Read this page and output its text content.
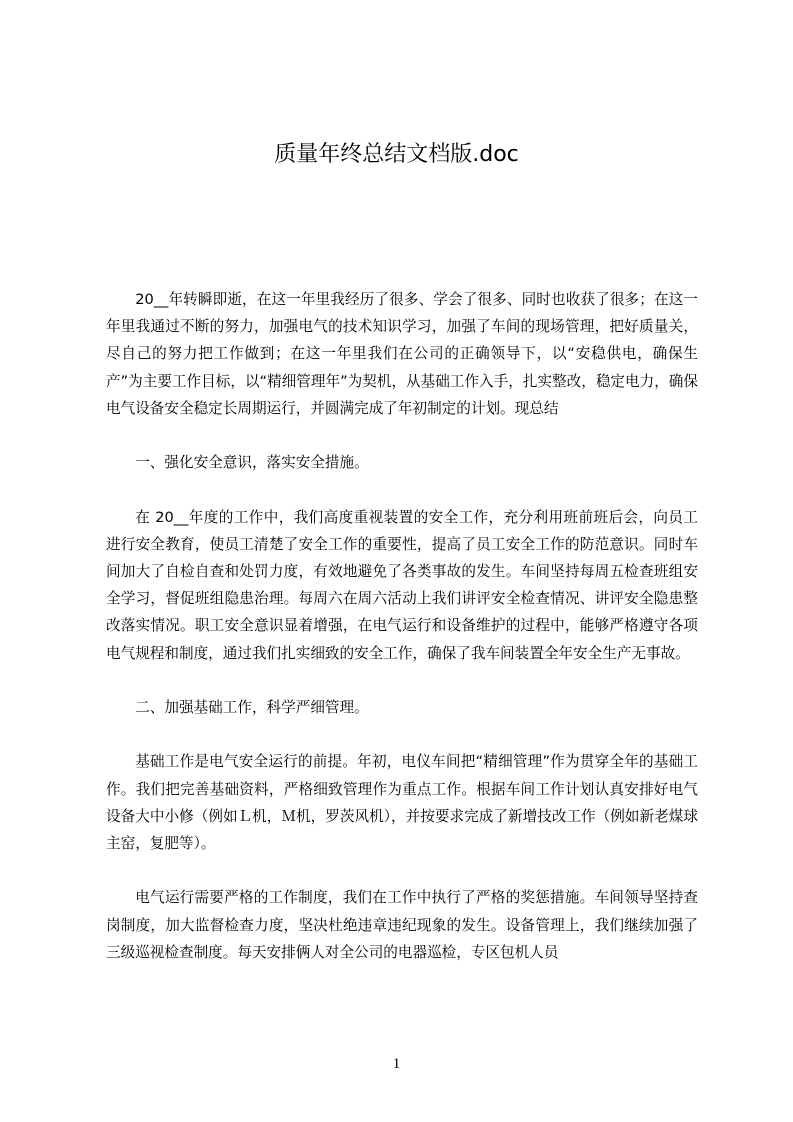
质量年终总结文档版.doc

20__年转瞬即逝，在这一年里我经历了很多、学会了很多、同时也收获了很多；在这一年里我通过不断的努力，加强电气的技术知识学习，加强了车间的现场管理，把好质量关，尽自己的努力把工作做到；在这一年里我们在公司的正确领导下，以“安稳供电，确保生产”为主要工作目标，以“精细管理年”为契机，从基础工作入手，扎实整改，稳定电力，确保电气设备安全稳定长周期运行，并圆满完成了年初制定的计划。现总结

一、强化安全意识，落实安全措施。

在 20__年度的工作中，我们高度重视装置的安全工作，充分利用班前班后会，向员工进行安全教育，使员工清楚了安全工作的重要性，提高了员工安全工作的防范意识。同时车间加大了自检自查和处罚力度，有效地避免了各类事故的发生。车间坚持每周五检查班组安全学习，督促班组隐患治理。每周六在周六活动上我们讲评安全检查情况、讲评安全隐患整改落实情况。职工安全意识显着增强，在电气运行和设备维护的过程中，能够严格遵守各项电气规程和制度，通过我们扎实细致的安全工作，确保了我车间装置全年安全生产无事故。

二、加强基础工作，科学严细管理。

基础工作是电气安全运行的前提。年初，电仪车间把“精细管理”作为贯穿全年的基础工作。我们把完善基础资料，严格细致管理作为重点工作。根据车间工作计划认真安排好电气设备大中小修（例如Ｌ机，Ｍ机，罗茨风机），并按要求完成了新增技改工作（例如新老煤球主窑，复肥等）。

电气运行需要严格的工作制度，我们在工作中执行了严格的奖惩措施。车间领导坚持查岗制度，加大监督检查力度，坚决杜绝违章违纪现象的发生。设备管理上，我们继续加强了三级巡视检查制度。每天安排俩人对全公司的电器巡检，专区包机人员

1
